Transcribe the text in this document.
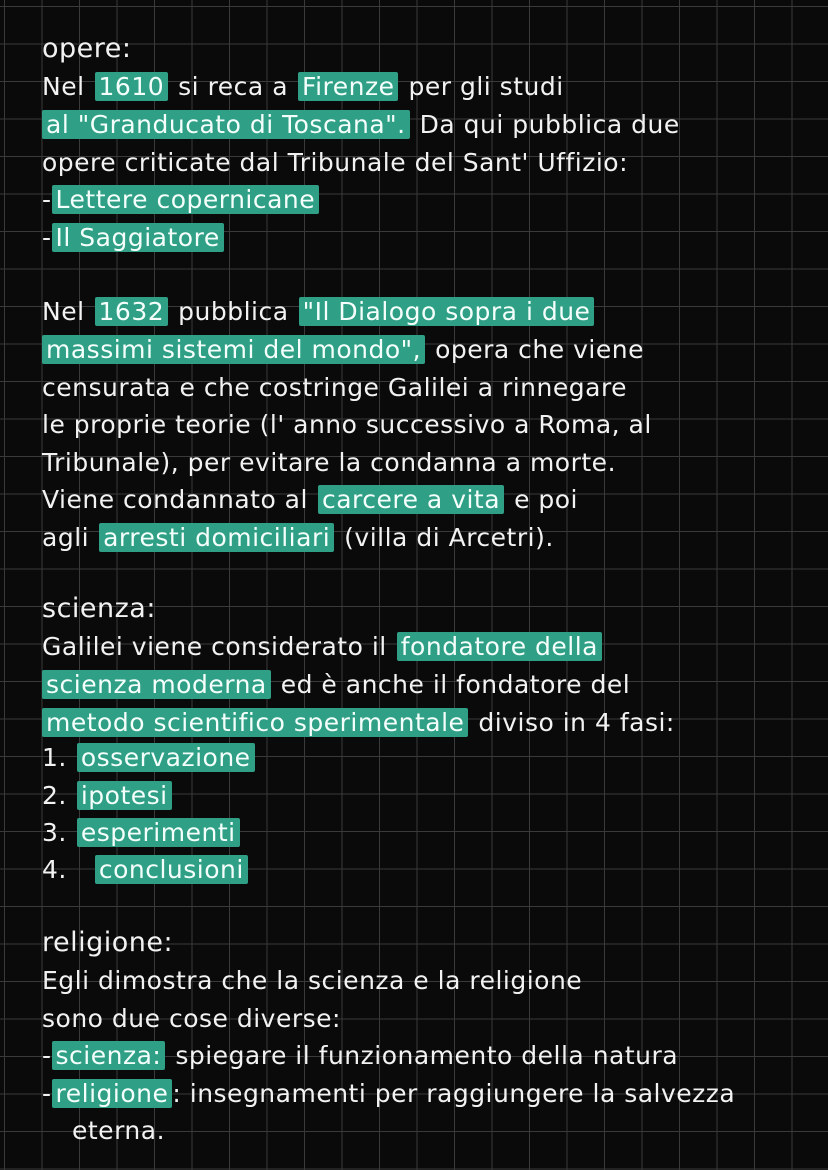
opere:
Nel 1610 si reca a Firenze per gli studi
al "Granducato di Toscana". Da qui pubblica due
opere criticate dal Tribunale del Sant' Uffizio:
- Lettere copernicane
- Il Saggiatore
Nel 1632 pubblica "Il Dialogo sopra i due
massimi sistemi del mondo", opera che viene
censurata e che costringe Galilei a rinnegare
le proprie teorie (l' anno successivo a Roma, al
Tribunale), per evitare la condanna a morte.
Viene condannato al carcere a vita e poi
agli arresti domiciliari (villa di Arcetri).
scienza:
Galilei viene considerato il fondatore della
scienza moderna ed è anche il fondatore del
metodo scientifico sperimentale diviso in 4 fasi:
1. osservazione
2. ipotesi
3. esperimenti
4. conclusioni
religione:
Egli dimostra che la scienza e la religione
sono due cose diverse:
- scienza: spiegare il funzionamento della natura
- religione : insegnamenti per raggiungere la salvezza
eterna.
